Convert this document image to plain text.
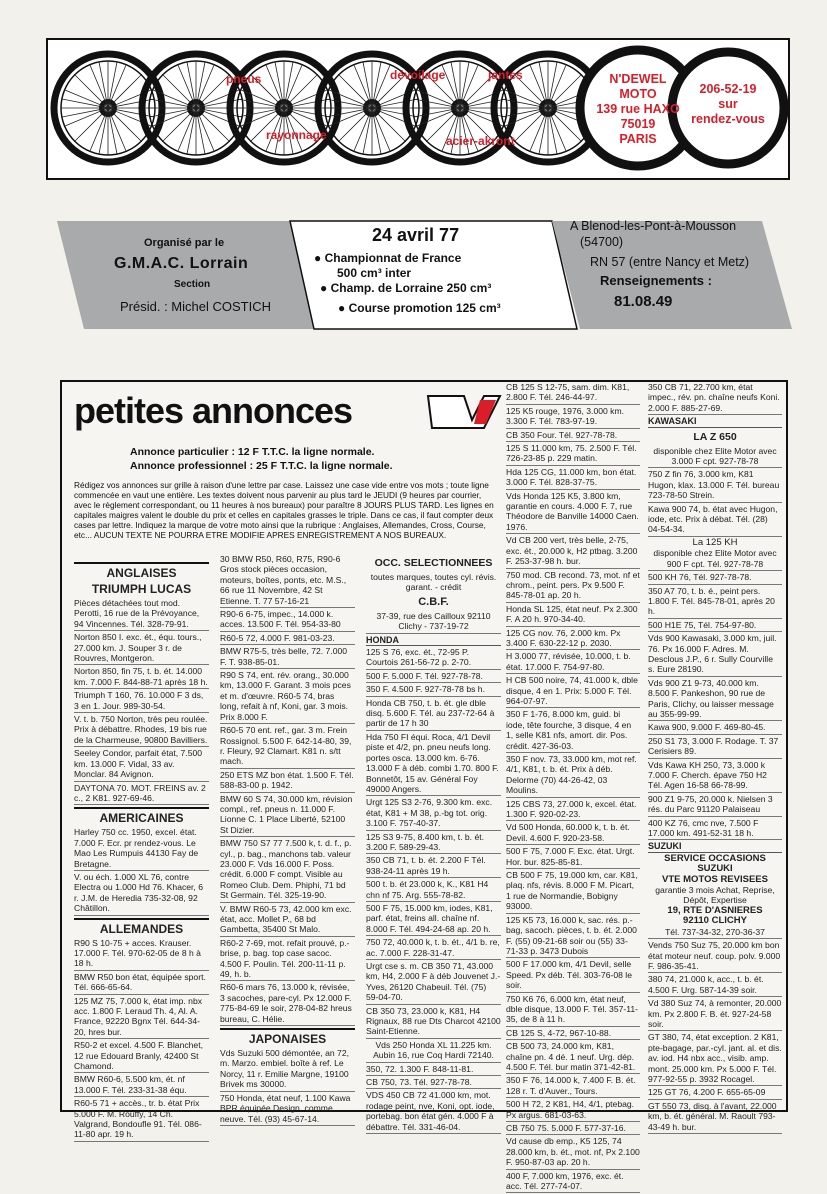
pneus
rayonnage
dévoilage	jantes
acier-akront
N'DEWEL
MOTO
139 rue HAXO
75019
PARIS
206-52-19
sur
rendez-vous
Organisé par le
G.M.A.C. Lorrain
Section
Présid. : Michel COSTICH
24 avril 77
● Championnat de France
500 cm³ inter
● Champ. de Lorraine 250 cm³
● Course promotion 125 cm³
A Blenod-les-Pont-à-Mousson
(54700)
RN 57 (entre Nancy et Metz)
Renseignements :
81.08.49
petites annonces
Annonce particulier : 12 F T.T.C. la ligne normale.
Annonce professionnel : 25 F T.T.C. la ligne normale.
Rédigez vos annonces sur grille à raison d'une lettre par case. Laissez une case vide entre vos mots ; toute ligne commencée en vaut une entière. Les textes doivent nous parvenir au plus tard le JEUDI (9 heures par courrier, avec le règlement correspondant, ou 11 heures à nos bureaux) pour paraître 8 JOURS PLUS TARD. Les lignes en capitales maigres valent le double du prix et celles en capitales grasses le triple. Dans ce cas, il faut compter deux cases par lettre. Indiquez la marque de votre moto ainsi que la rubrique : Anglaises, Allemandes, Cross, Course, etc... AUCUN TEXTE NE POURRA ETRE MODIFIE APRES ENREGISTREMENT A NOS BUREAUX.
ANGLAISES
TRIUMPH LUCAS

Pièces détachées tout mod. Perotti, 16 rue de la Prévoyance, 94 Vincennes. Tél. 328-79-91.

Norton 850 I. exc. ét., équ. tours., 27.000 km. J. Souper 3 r. de Rouvres, Montgeron.

Norton 850, fin 75, t. b. ét. 14.000 km. 7.000 F. 844-88-71 après 18 h.

Triumph T 160, 76. 10.000 F 3 ds, 3 en 1. Jour. 989-30-54.

V. t. b. 750 Norton, très peu roulée. Prix à débattre. Rhodes, 19 bis rue de la Charmeuse, 90800 Bavilliers.

Seeley Condor, parfait état, 7.500 km. 13.000 F. Vidal, 33 av. Monclar. 84 Avignon.

DAYTONA 70. MOT. FREINS av. 2 c., 2 K81. 927-69-46.

AMERICAINES

Harley 750 cc. 1950, excel. état. 7.000 F. Ecr. pr rendez-vous. Le Mao Les Rumpuis 44130 Fay de Bretagne.

V. ou éch. 1.000 XL 76, contre Electra ou 1.000 Hd 76. Khacer, 6 r. J.M. de Heredia 735-32-08, 92 Châtillon.

ALLEMANDES

R90 S 10-75 + acces. Krauser. 17.000 F. Tél. 970-62-05 de 8 h à 18 h.

BMW R50 bon état, équipée sport. Tél. 666-65-64.

125 MZ 75, 7.000 k, état imp. nbx acc. 1.800 F. Leraud Th. 4, Al. A. France, 92220 Bgnx Tél. 644-34-20, hres bur.

R50-2 et excel. 4.500 F. Blanchet, 12 rue Edouard Branly, 42400 St Chamond.

BMW R60-6, 5.500 km, ét. nf 13.000 F. Tél. 233-31-38 équ.

R60-5 71 + accès., tr. b. état Prix 5.000 F. M. Rouffy, 14 Ch. Valgrand, Bondoufle 91. Tél. 086-11-80 apr. 19 h.

30 BMW R50, R60, R75, R90-6 Gros stock pièces occasion, moteurs, boîtes, ponts, etc. M.S., 66 rue 11 Novembre, 42 St Etienne. T. 77 57-16-21

R90-6 6-75, impec., 14.000 k. acces. 13.500 F. Tél. 954-33-80

R60-5 72, 4.000 F. 981-03-23.

BMW R75-5, très belle, 72. 7.000 F. T. 938-85-01.

R90 S 74, ent. rév. orang., 30.000 km, 13.000 F. Garant. 3 mois pces et m. d'œuvre. R60-5 74, bras long, refait à nf, Koni, gar. 3 mois. Prix 8.000 F.

R60-5 70 ent. ref., gar. 3 m. Frein Rossignol. 5.500 F. 642-14-80, 39, r. Fleury, 92 Clamart. K81 n. s/tt mach.

250 ETS MZ bon état. 1.500 F. Tél. 588-83-00 p. 1942.

BMW 60 S 74, 30.000 km, révision compl., ref. pneus n. 11.000 F. Lionne C. 1 Place Liberté, 52100 St Dizier.

BMW 750 S7 77 7.500 k, t. d. f., p. cyl., p. bag., manchons tab. valeur 23.000 F. Vds 16.000 F. Poss. crédit. 6.000 F compt. Visible au Romeo Club. Dem. Phiphi, 71 bd St Germain. Tél. 325-19-90.

V. BMW R60-5 73, 42.000 km exc. état, acc. Mollet P., 68 bd Gambetta, 35400 St Malo.

R60-2 7-69, mot. refait prouvé, p.-brise, p. bag. top case sacoc. 4.500 F. Poulin. Tél. 200-11-11 p. 49, h. b.

R60-6 mars 76, 13.000 k, révisée, 3 sacoches, pare-cyl. Px 12.000 F. 775-84-69 le soir, 278-04-82 hreus bureau, C. Hélie.

JAPONAISES

Vds Suzuki 500 démontée, an 72, m. Marzo. embiel. boîte à ref. Le Norcy, 11 r. Emilie Margne, 19100 Brivek ms 30000.

750 Honda, état neuf, 1.100 Kawa BPR équipée Design, comme neuve. Tél. (93) 45-67-14.

OCC. SELECTIONNEES
toutes marques, toutes cyl. révis. garant. - crédit
C.B.F.

37-39, rue des Cailloux 92110 Clichy - 737-19-72

HONDA

125 S 76, exc. ét., 72-95 P. Courtois 261-56-72 p. 2-70.

500 F. 5.000 F. Tél. 927-78-78.

350 F. 4.500 F. 927-78-78 bs h.

Honda CB 750, t. b. ét. gle dble disq. 5.600 F. Tél. au 237-72-64 à partir de 17 h 30

Hda 750 FI équi. Roca, 4/1 Devil piste et 4/2, pn. pneu neufs long. portes osca. 13.000 km. 6-76. 13.000 F à déb. combi 1.70. 800 F. Bonnetôt, 15 av. Général Foy 49000 Angers.

Urgt 125 S3 2-76, 9.300 km. exc. état, K81 + M 38, p.-bg tot. orig. 3.100 F. 757-40-37.

125 S3 9-75, 8.400 km, t. b. ét. 3.200 F. 589-29-43.

350 CB 71, t. b. ét. 2.200 F Tél. 938-24-11 après 19 h.

500 t. b. ét 23.000 k, K., K81 H4 chn nf 75. Arg. 555-78-82.

500 F 75, 15.000 km, iodes, K81, parf. état, freins all. chaîne nf. 8.000 F. Tél. 494-24-68 ap. 20 h.

750 72, 40.000 k, t. b. ét., 4/1 b. re, ac. 7.000 F. 228-31-47.

Urgt cse s. m. CB 350 71, 43.000 km, H4, 2.000 F à déb Jouvenet J.-Yves, 26120 Chabeuil. Tél. (75) 59-04-70.

CB 350 73, 23.000 k, K81, H4 Rignaux, 88 rue Dts Charcot 42100 Saint-Etienne.

Vds 250 Honda XL 11.225 km. Aubin 16, rue Coq Hardi 72140.

350, 72. 1.300 F. 848-11-81.

CB 750, 73. Tél. 927-78-78.

VDS 450 CB 72 41.000 km, mot. rodage peint, nve, Koni, opt. iode, portebag. bon état gén. 4.000 F à débattre. Tél. 331-46-04.

CB 125 S 12-75, sam. dim. K81, 2.800 F. Tél. 246-44-97.

125 K5 rouge, 1976, 3.000 km. 3.300 F. Tél. 783-97-19.

CB 350 Four. Tél. 927-78-78.

125 S 11.000 km, 75. 2.500 F. Tél. 726-23-85 p. 229 matin.

Hda 125 CG, 11.000 km, bon état. 3.000 F. Tél. 828-37-75.

Vds Honda 125 K5, 3.800 km, garantie en cours. 4.000 F. 7, rue Théodore de Banville 14000 Caen. 1976.

Vd CB 200 vert, très belle, 2-75, exc. ét., 20.000 k, H2 ptbag. 3.200 F. 253-37-98 h. bur.

750 mod. CB recond. 73, mot. nf et chrom., peint. pers. Px 9.500 F. 845-78-01 ap. 20 h.

Honda SL 125, état neuf. Px 2.300 F. A 20 h. 970-34-40.

125 CG nov. 76, 2.000 km. Px 3.400 F. 630-22-12 p. 2030.

H 3.000 77, révisée, 10.000, t. b. état. 17.000 F. 754-97-80.

H CB 500 noire, 74, 41.000 k, dble disque, 4 en 1. Prix: 5.000 F. Tél. 964-07-97.

350 F 1-76, 8.000 km, guid. bi iode, tête fourche, 3 disque, 4 en 1, selle K81 nfs, amort. dir. Pos. crédit. 427-36-03.

350 F nov. 73, 33.000 km, mot ref. 4/1, K81, t. b. ét. Prix à déb. Delorme (70) 44-26-42, 03 Moulins.

125 CBS 73, 27.000 k, excel. état. 1.300 F. 920-02-23.

Vd 500 Honda, 60.000 k, t. b. ét. Devil. 4.600 F. 920-23-58.

500 F 75, 7.000 F. Exc. état. Urgt. Hor. bur. 825-85-81.

CB 500 F 75, 19.000 km, car. K81, plaq. nfs, révis. 8.000 F M. Picart, 1 rue de Normandie, Bobigny 93000.

125 K5 73, 16.000 k, sac. rés. p.-bag, sacoch. pièces, t. b. ét. 2.000 F. (55) 09-21-68 soir ou (55) 33-71-33 p. 3473 Dubois

500 F 17.000 km, 4/1 Devil, selle Speed. Px déb. Tél. 303-76-08 le soir.

750 K6 76, 6.000 km, état neuf, dble disque, 13.000 F. Tél. 357-11-35, de 8 à 11 h.

CB 125 S, 4-72, 967-10-88.

CB 500 73, 24.000 km, K81, chaîne pn. 4 dé. 1 neuf. Urg. dép. 4.500 F. Tél. bur matin 371-42-81.

350 F 76, 14.000 k, 7.400 F. B. ét. 128 r. T. d'Auver., Tours.

500 H 72, 2 K81, H4, 4/1, ptebag. Px argus. 681-03-63.

CB 750 75. 5.000 F. 577-37-16.

Vd cause db emp., K5 125, 74 28.000 km, b. ét., mot. nf, Px 2.100 F. 950-87-03 ap. 20 h.

400 F, 7.000 km, 1976, exc. ét. acc. Tél. 277-74-07.

350 CB 71, 22.700 km, état impec., rév. pn. chaîne neufs Koni. 2.000 F. 885-27-69.

KAWASAKI
LA Z 650

disponible chez Elite Motor avec 3.000 F cpt. 927-78-78

750 Z fin 76, 3.000 km, K81 Hugon, klax. 13.000 F. Tél. bureau 723-78-50 Strein.

Kawa 900 74, b. état avec Hugon, iode, etc. Prix à débat. Tél. (28) 04-54-34.

La 125 KH

disponible chez Elite Motor avec 900 F cpt. Tél. 927-78-78

500 KH 76, Tél. 927-78-78.

350 A7 70, t. b. é., peint pers. 1.800 F. Tél. 845-78-01, après 20 h.

500 H1E 75, Tél. 754-97-80.

Vds 900 Kawasaki, 3.000 km, juil. 76. Px 16.000 F. Adres. M. Desclous J.P., 6 r. Sully Courville s. Eure 28190.

Vds 900 Z1 9-73, 40.000 km. 8.500 F. Pankeshon, 90 rue de Paris, Clichy, ou laisser message au 355-99-99.

Kawa 900, 9.000 F. 469-80-45.

250 S1 73, 3.000 F. Rodage. T. 37 Cerisiers 89.

Vds Kawa KH 250, 73, 3.000 k 7.000 F. Cherch. épave 750 H2 Tél. Agen 16-58 66-78-99.

900 Z1 9-75, 20.000 k. Nielsen 3 rés. du Parc 91120 Palaiseau

400 KZ 76, cmc nve, 7.500 F 17.000 km. 491-52-31 18 h.

SUZUKI
SERVICE OCCASIONS SUZUKI
VTE MOTOS REVISEES
garantie 3 mois Achat, Reprise, Dépôt, Expertise
19, RTE D'ASNIERES
92110 CLICHY

Tél. 737-34-32, 270-36-37

Vends 750 Suz 75, 20.000 km bon état moteur neuf. coup. polv. 9.000 F. 986-35-41.

380 74, 21.000 k, acc., t. b. ét. 4.500 F. Urg. 587-14-39 soir.

Vd 380 Suz 74, à remonter, 20.000 km. Px 2.800 F. B. ét. 927-24-58 soir.

GT 380, 74, état exception. 2 K81, pte-bagage, par.-cyl. jant. al. et dis. av. iod. H4 nbx acc., visib. amp. mont. 25.000 km. Px 5.000 F. Tél. 977-92-55 p. 3932 Rocagel.

125 GT 76, 4.200 F. 655-65-09

GT 550 73, disq. à l'avant, 22.000 km, b. ét. général. M. Raoult 793-43-49 h. bur.
